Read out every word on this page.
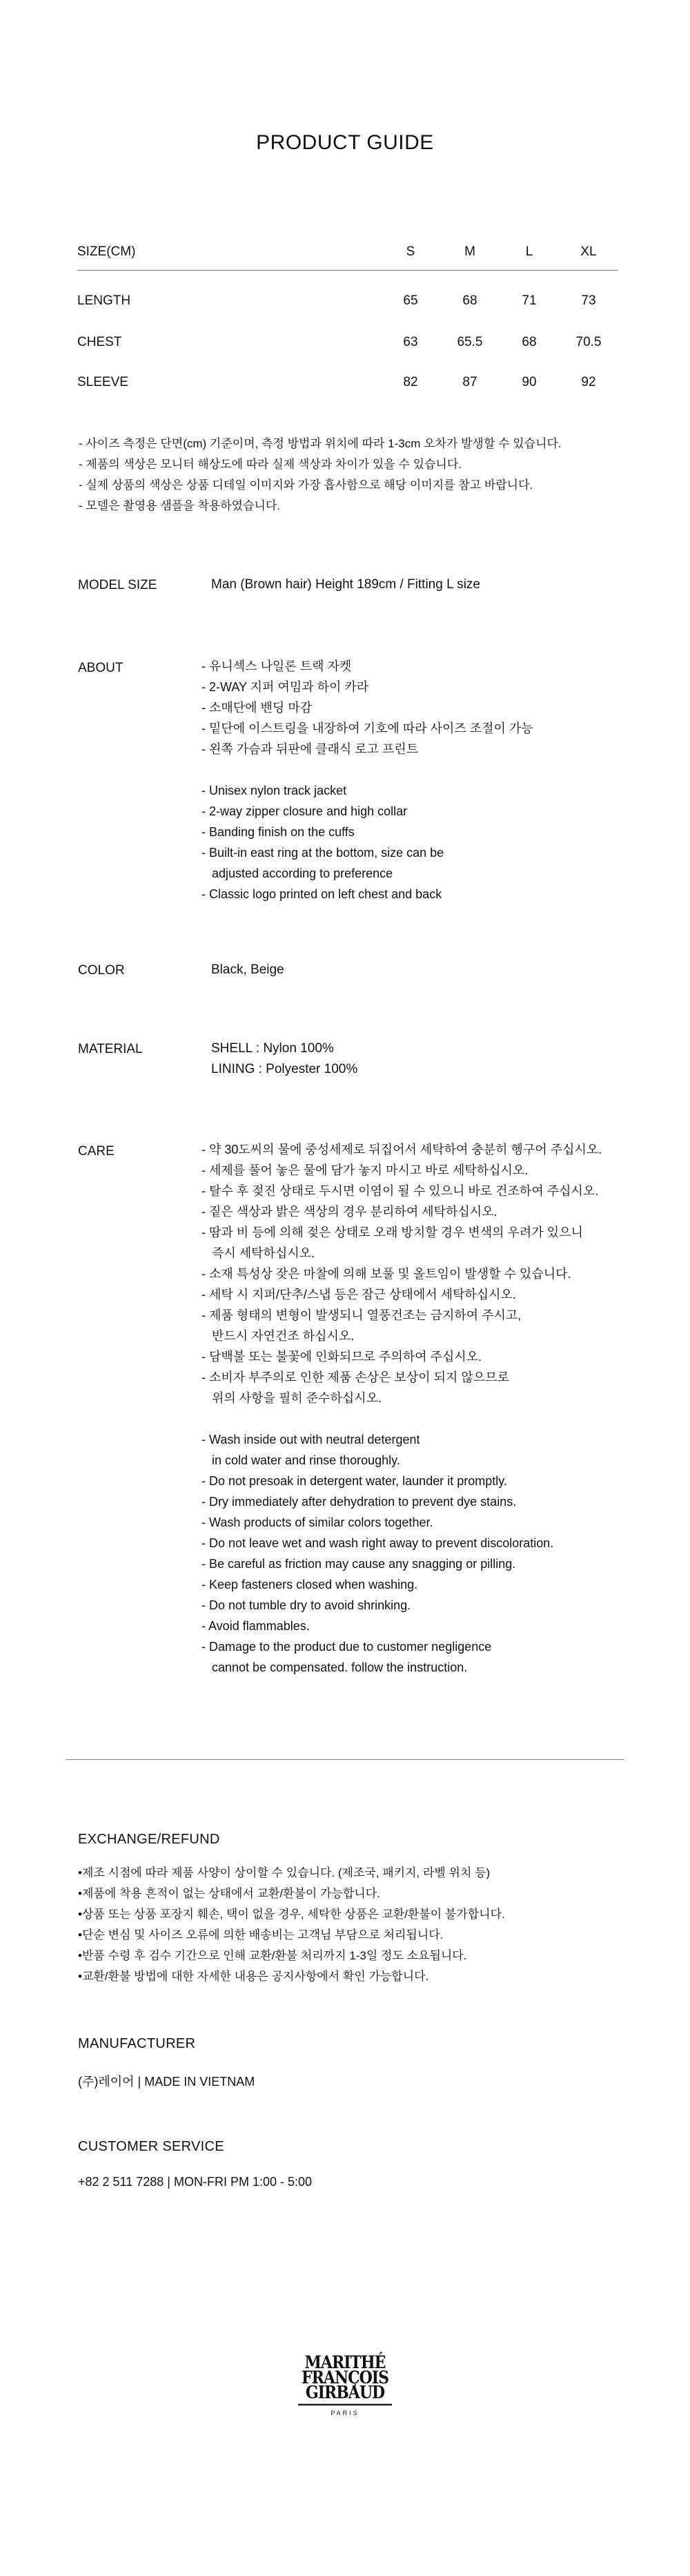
PRODUCT GUIDE
SIZE(CM)	S	M	L	XL
LENGTH	65	68	71	73
CHEST	63	65.5	68	70.5
SLEEVE	82	87	90	92
- 사이즈 측정은 단면(cm) 기준이며, 측정 방법과 위치에 따라 1-3cm 오차가 발생할 수 있습니다.
- 제품의 색상은 모니터 해상도에 따라 실제 색상과 차이가 있을 수 있습니다.
- 실제 상품의 색상은 상품 디테일 이미지와 가장 흡사함으로 해당 이미지를 참고 바랍니다.
- 모델은 촬영용 샘플을 착용하였습니다.

MODEL SIZE	Man (Brown hair) Height 189cm / Fitting L size

ABOUT	- 유니섹스 나일론 트랙 자켓
- 2-WAY 지퍼 여밈과 하이 카라
- 소매단에 밴딩 마감
- 밑단에 이스트링을 내장하여 기호에 따라 사이즈 조절이 가능
- 왼쪽 가슴과 뒤판에 클래식 로고 프린트

- Unisex nylon track jacket
- 2-way zipper closure and high collar
- Banding finish on the cuffs
- Built-in east ring at the bottom, size can be
adjusted according to preference
- Classic logo printed on left chest and back

COLOR	Black, Beige

MATERIAL	SHELL : Nylon 100%
LINING : Polyester 100%

CARE	- 약 30도씨의 물에 중성세제로 뒤집어서 세탁하여 충분히 헹구어 주십시오.
- 세제를 풀어 놓은 물에 담가 놓지 마시고 바로 세탁하십시오.
- 탈수 후 젖진 상태로 두시면 이염이 될 수 있으니 바로 건조하여 주십시오.
- 짙은 색상과 밝은 색상의 경우 분리하여 세탁하십시오.
- 땀과 비 등에 의해 젖은 상태로 오래 방치할 경우 변색의 우려가 있으니
즉시 세탁하십시오.
- 소재 특성상 잦은 마찰에 의해 보풀 및 올트임이 발생할 수 있습니다.
- 세탁 시 지퍼/단추/스냅 등은 잠근 상태에서 세탁하십시오.
- 제품 형태의 변형이 발생되니 열풍건조는 금지하여 주시고,
반드시 자연건조 하십시오.
- 담백불 또는 불꽃에 인화되므로 주의하여 주십시오.
- 소비자 부주의로 인한 제품 손상은 보상이 되지 않으므로
위의 사항을 필히 준수하십시오.

- Wash inside out with neutral detergent
in cold water and rinse thoroughly.
- Do not presoak in detergent water, launder it promptly.
- Dry immediately after dehydration to prevent dye stains.
- Wash products of similar colors together.
- Do not leave wet and wash right away to prevent discoloration.
- Be careful as friction may cause any snagging or pilling.
- Keep fasteners closed when washing.
- Do not tumble dry to avoid shrinking.
- Avoid flammables.
- Damage to the product due to customer negligence
cannot be compensated. follow the instruction.

EXCHANGE/REFUND

•제조 시점에 따라 제품 사양이 상이할 수 있습니다. (제조국, 패키지, 라벨 위치 등)
•제품에 착용 흔적이 없는 상태에서 교환/환불이 가능합니다.
•상품 또는 상품 포장지 훼손, 택이 없을 경우, 세탁한 상품은 교환/환불이 불가합니다.
•단순 변심 및 사이즈 오류에 의한 배송비는 고객님 부담으로 처리됩니다.
•반품 수령 후 검수 기간으로 인해 교환/환불 처리까지 1-3일 정도 소요됩니다.
•교환/환불 방법에 대한 자세한 내용은 공지사항에서 확인 가능합니다.

MANUFACTURER

(주)레이어 | MADE IN VIETNAM

CUSTOMER SERVICE

+82 2 511 7288 | MON-FRI PM 1:00 - 5:00

MARITHÉ
FRANÇOIS
GIRBAUD
PARIS
